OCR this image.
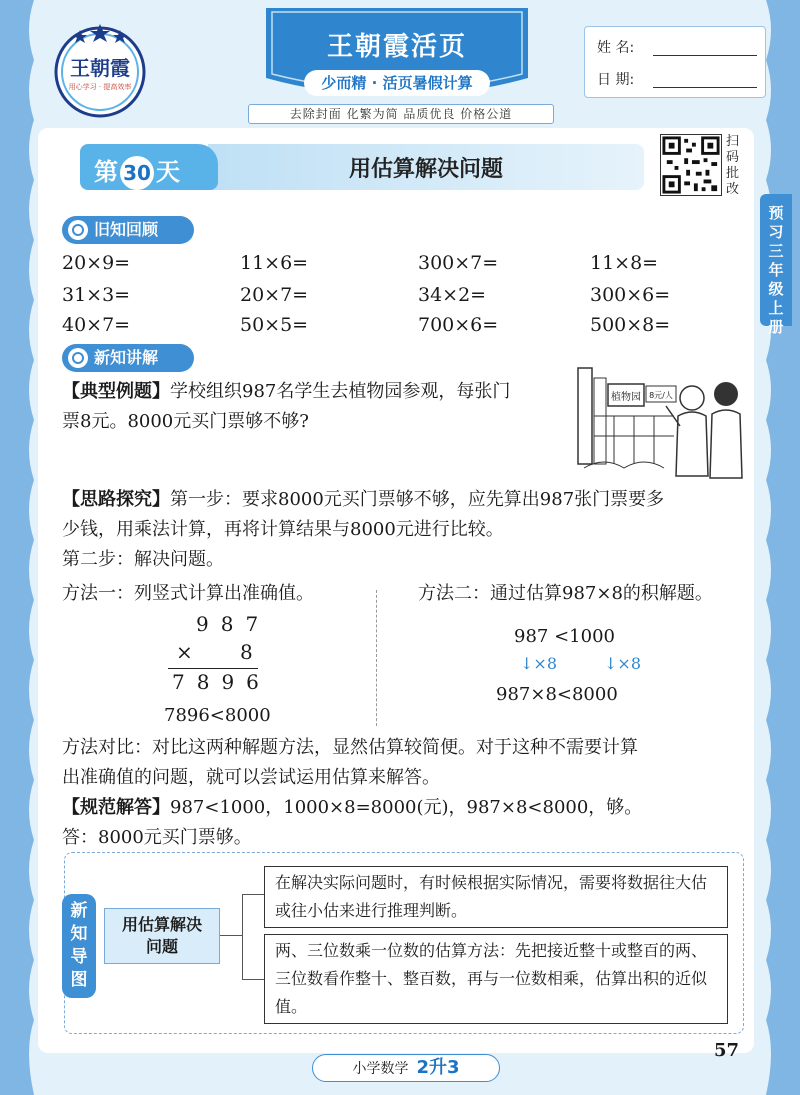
王朝霞
用心学习 · 提高效率
王朝霞活页
少而精 · 活页暑假计算
姓 名:
日 期:
去除封面 化繁为简 品质优良 价格公道
第 30 天	用估算解决问题
扫码批改
预习三年级上册
旧知回顾
20×9=	11×6=	300×7=	11×8=
31×3=	20×7=	34×2=	300×6=
40×7=	50×5=	700×6=	500×8=
新知讲解
【典型例题】学校组织987名学生去植物园参观，每张门
票8元。8000元买门票够不够?
植物园 8元/人
【思路探究】第一步：要求8000元买门票够不够，应先算出987张门票要多
少钱，用乘法计算，再将计算结果与8000元进行比较。
第二步：解决问题。
方法一：列竖式计算出准确值。	方法二：通过估算987×8的积解题。
987
× 8
7896
7896<8000
987 <1000
↓×8	↓×8
987×8<8000
方法对比：对比这两种解题方法，显然估算较简便。对于这种不需要计算
出准确值的问题，就可以尝试运用估算来解答。
【规范解答】987<1000，1000×8=8000(元)，987×8<8000，够。
答：8000元买门票够。
新知导图
用估算解决
问题
在解决实际问题时，有时候根据实际情况，需要将数据往大估或往小估来进行推理判断。
两、三位数乘一位数的估算方法：先把接近整十或整百的两、三位数看作整十、整百数，再与一位数相乘，估算出积的近似值。
小学数学 2升3
57
